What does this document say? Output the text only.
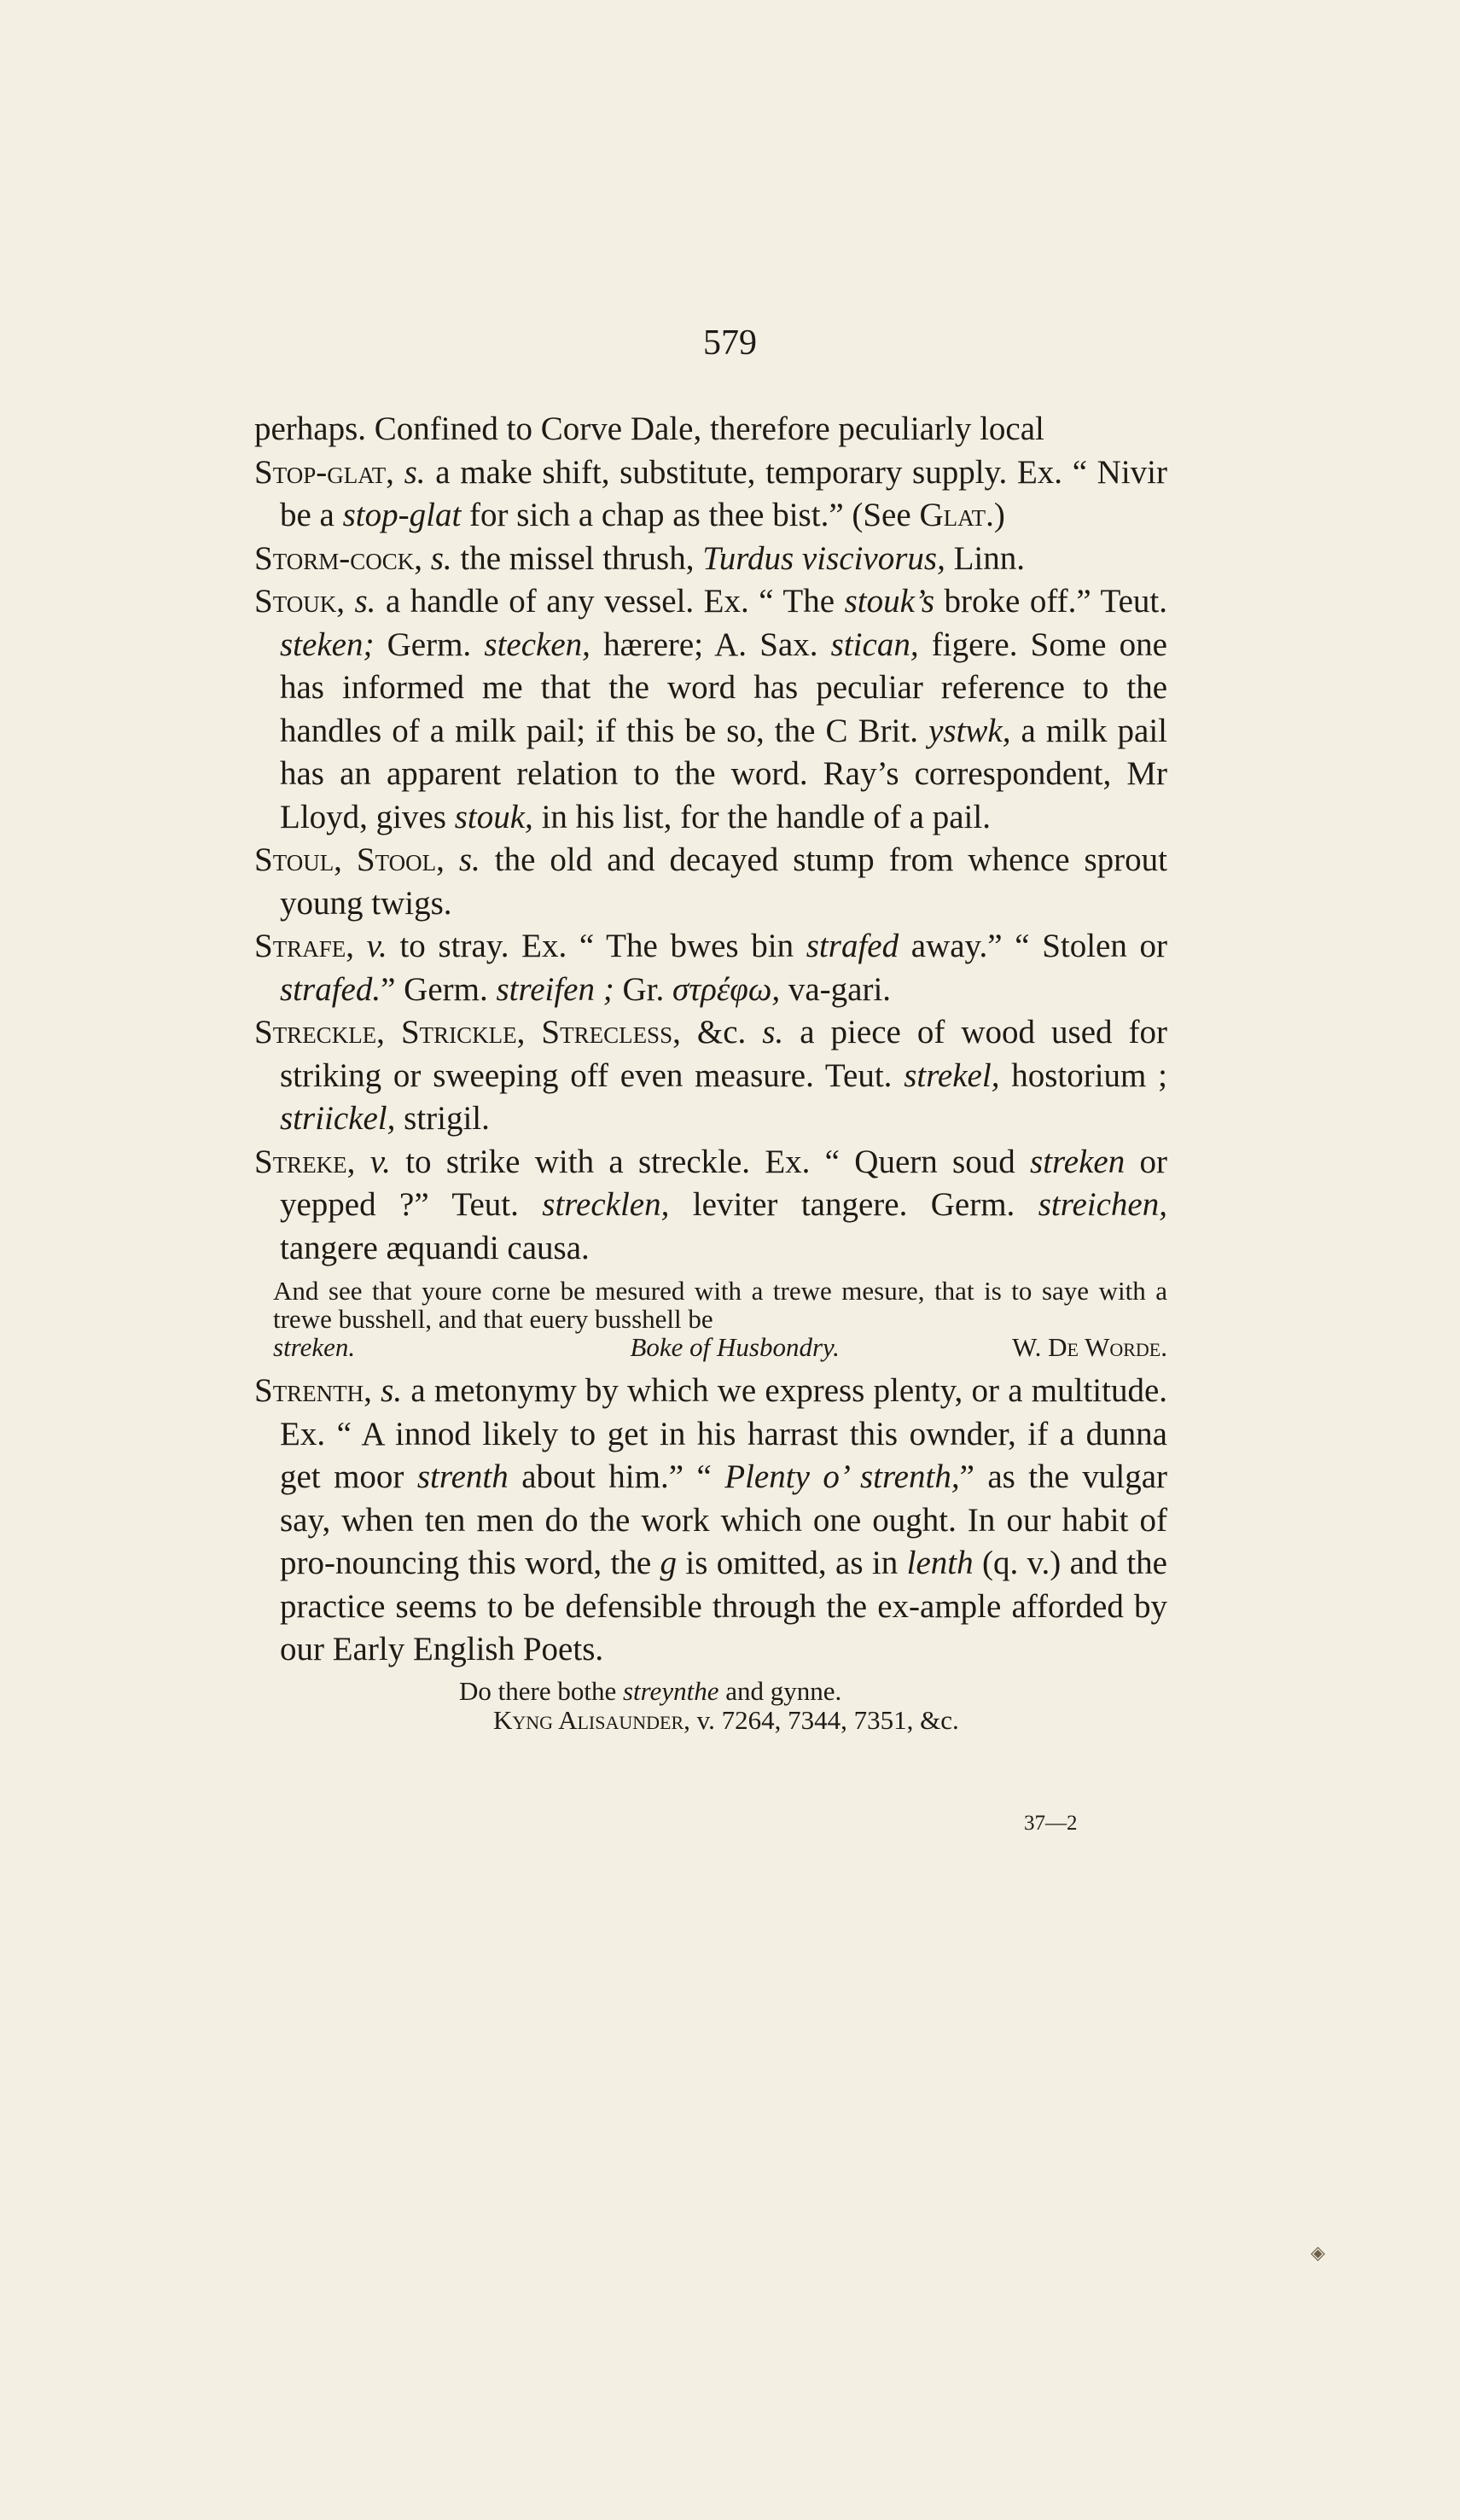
579

perhaps. Confined to Corve Dale, therefore peculiarly local

Stop-glat, s. a make shift, substitute, temporary supply. Ex. “ Nivir be a stop-glat for sich a chap as thee bist.” (See Glat.)

Storm-cock, s. the missel thrush, Turdus viscivorus, Linn.

Stouk, s. a handle of any vessel. Ex. “ The stouk’s broke off.” Teut. steken; Germ. stecken, hærere; A. Sax. stican, figere. Some one has informed me that the word has peculiar reference to the handles of a milk pail; if this be so, the C Brit. ystwk, a milk pail has an apparent relation to the word. Ray’s correspondent, Mr Lloyd, gives stouk, in his list, for the handle of a pail.

Stoul, Stool, s. the old and decayed stump from whence sprout young twigs.

Strafe, v. to stray. Ex. “ The bwes bin strafed away.” “ Stolen or strafed.” Germ. streifen ; Gr. στρέφω, va-gari.

Streckle, Strickle, Strecless, &c. s. a piece of wood used for striking or sweeping off even measure. Teut. strekel, hostorium ; striickel, strigil.

Streke, v. to strike with a streckle. Ex. “ Quern soud streken or yepped ?” Teut. strecklen, leviter tangere. Germ. streichen, tangere æquandi causa.

And see that youre corne be mesured with a trewe mesure, that is to saye with a trewe busshell, and that euery busshell be
streken.	Boke of Husbondry.	W. De Worde.

Strenth, s. a metonymy by which we express plenty, or a multitude. Ex. “ A innod likely to get in his harrast this ownder, if a dunna get moor strenth about him.” “ Plenty o’ strenth,” as the vulgar say, when ten men do the work which one ought. In our habit of pro-nouncing this word, the g is omitted, as in lenth (q. v.) and the practice seems to be defensible through the ex-ample afforded by our Early English Poets.

Do there bothe streynthe and gynne.
Kyng Alisaunder, v. 7264, 7344, 7351, &c.
37—2
◈
